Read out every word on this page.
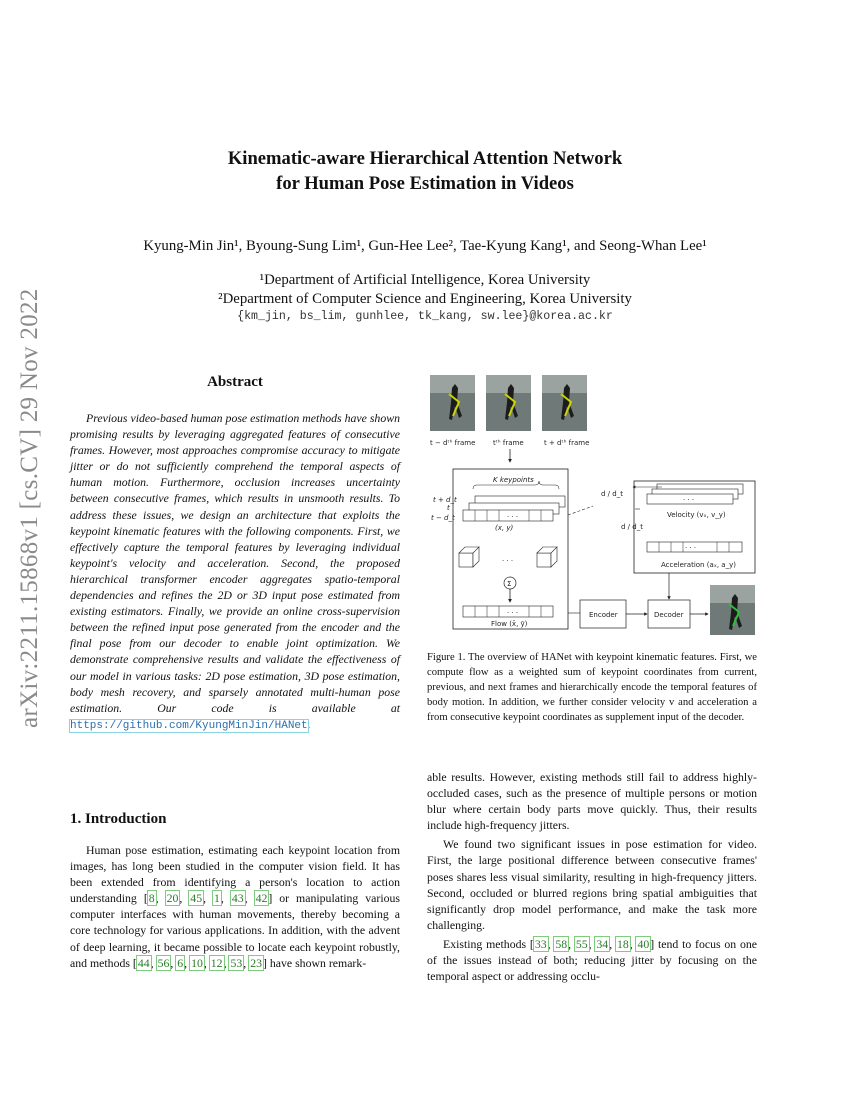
arXiv:2211.15868v1 [cs.CV] 29 Nov 2022
Kinematic-aware Hierarchical Attention Network
for Human Pose Estimation in Videos
Kyung-Min Jin¹, Byoung-Sung Lim¹, Gun-Hee Lee², Tae-Kyung Kang¹, and Seong-Whan Lee¹
¹Department of Artificial Intelligence, Korea University
²Department of Computer Science and Engineering, Korea University
{km_jin, bs_lim, gunhlee, tk_kang, sw.lee}@korea.ac.kr
Abstract

Previous video-based human pose estimation methods have shown promising results by leveraging aggregated features of consecutive frames. However, most approaches compromise accuracy to mitigate jitter or do not sufficiently comprehend the temporal aspects of human motion. Furthermore, occlusion increases uncertainty between consecutive frames, which results in unsmooth results. To address these issues, we design an architecture that exploits the keypoint kinematic features with the following components. First, we effectively capture the temporal features by leveraging individual keypoint's velocity and acceleration. Second, the proposed hierarchical transformer encoder aggregates spatio-temporal dependencies and refines the 2D or 3D input pose estimated from existing estimators. Finally, we provide an online cross-supervision between the refined input pose generated from the encoder and the final pose from our decoder to enable joint optimization. We demonstrate comprehensive results and validate the effectiveness of our model in various tasks: 2D pose estimation, 3D pose estimation, body mesh recovery, and sparsely annotated multi-human pose estimation. Our code is available at https://github.com/KyungMinJin/HANet.

1. Introduction

Human pose estimation, estimating each keypoint location from images, has long been studied in the computer vision field. It has been extended from identifying a person's location to action understanding [8, 20, 45, 1, 43, 42] or manipulating various computer interfaces with human movements, thereby becoming a core technology for various applications. In addition, with the advent of deep learning, it became possible to locate each keypoint robustly, and methods [44, 56, 6, 10, 12, 53, 23] have shown remark-

t − dᵗʰ frame	tᵗʰ frame	t + dᵗʰ frame
K keypoints
· · ·
t + d_t
t
t − d_t
(x, y)
· · ·
Σ
· · ·
Flow (x̄, ȳ)
d / d_t
d / d_t
· · ·
Velocity (vₓ, v_y)
· · ·
Acceleration (aₓ, a_y)
Encoder	Decoder
Figure 1. The overview of HANet with keypoint kinematic features. First, we compute flow as a weighted sum of keypoint coordinates from current, previous, and next frames and hierarchically encode the temporal features of body motion. In addition, we further consider velocity v and acceleration a from consecutive keypoint coordinates as supplement input of the decoder.

able results. However, existing methods still fail to address highly-occluded cases, such as the presence of multiple persons or motion blur where certain body parts move quickly. Thus, their results include high-frequency jitters.

We found two significant issues in pose estimation for video. First, the large positional difference between consecutive frames' poses shares less visual similarity, resulting in high-frequency jitters. Second, occluded or blurred regions bring spatial ambiguities that significantly drop model performance, and make the task more challenging.

Existing methods [33, 58, 55, 34, 18, 40] tend to focus on one of the issues instead of both; reducing jitter by focusing on the temporal aspect or addressing occlu-
